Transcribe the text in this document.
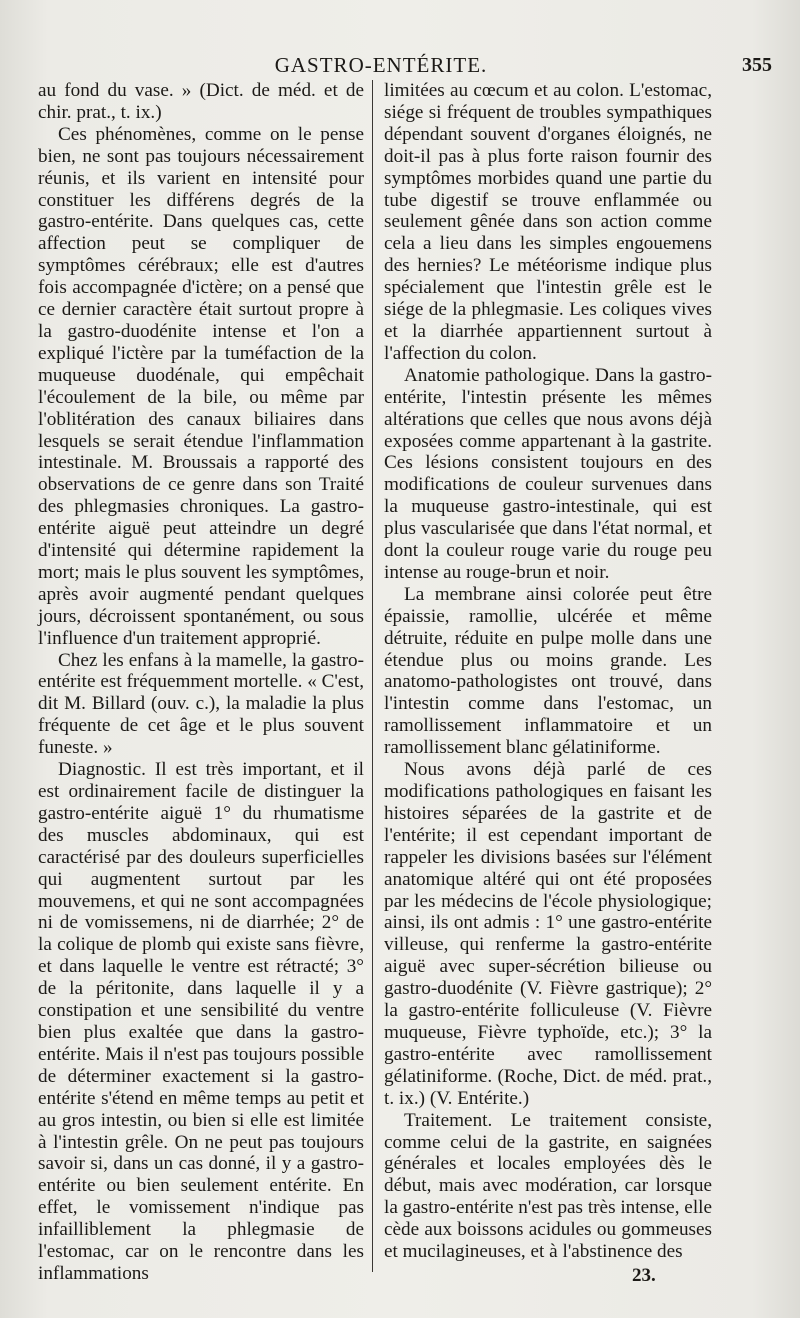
GASTRO-ENTÉRITE.	355

au fond du vase. » (Dict. de méd. et de chir. prat., t. ix.)

Ces phénomènes, comme on le pense bien, ne sont pas toujours nécessairement réunis, et ils varient en intensité pour constituer les différens degrés de la gastro-entérite. Dans quelques cas, cette affection peut se compliquer de symptômes cérébraux; elle est d'autres fois accompagnée d'ictère; on a pensé que ce dernier caractère était surtout propre à la gastro-duodénite intense et l'on a expliqué l'ictère par la tuméfaction de la muqueuse duodénale, qui empêchait l'écoulement de la bile, ou même par l'oblitération des canaux biliaires dans lesquels se serait étendue l'inflammation intestinale. M. Broussais a rapporté des observations de ce genre dans son Traité des phlegmasies chroniques. La gastro-entérite aiguë peut atteindre un degré d'intensité qui détermine rapidement la mort; mais le plus souvent les symptômes, après avoir augmenté pendant quelques jours, décroissent spontanément, ou sous l'influence d'un traitement approprié.

Chez les enfans à la mamelle, la gastro-entérite est fréquemment mortelle. « C'est, dit M. Billard (ouv. c.), la maladie la plus fréquente de cet âge et le plus souvent funeste. »

Diagnostic. Il est très important, et il est ordinairement facile de distinguer la gastro-entérite aiguë 1° du rhumatisme des muscles abdominaux, qui est caractérisé par des douleurs superficielles qui augmentent surtout par les mouvemens, et qui ne sont accompagnées ni de vomissemens, ni de diarrhée; 2° de la colique de plomb qui existe sans fièvre, et dans laquelle le ventre est rétracté; 3° de la péritonite, dans laquelle il y a constipation et une sensibilité du ventre bien plus exaltée que dans la gastro-entérite. Mais il n'est pas toujours possible de déterminer exactement si la gastro-entérite s'étend en même temps au petit et au gros intestin, ou bien si elle est limitée à l'intestin grêle. On ne peut pas toujours savoir si, dans un cas donné, il y a gastro-entérite ou bien seulement entérite. En effet, le vomissement n'indique pas infailliblement la phlegmasie de l'estomac, car on le rencontre dans les inflammations

limitées au cœcum et au colon. L'estomac, siége si fréquent de troubles sympathiques dépendant souvent d'organes éloignés, ne doit-il pas à plus forte raison fournir des symptômes morbides quand une partie du tube digestif se trouve enflammée ou seulement gênée dans son action comme cela a lieu dans les simples engouemens des hernies? Le météorisme indique plus spécialement que l'intestin grêle est le siége de la phlegmasie. Les coliques vives et la diarrhée appartiennent surtout à l'affection du colon.

Anatomie pathologique. Dans la gastro-entérite, l'intestin présente les mêmes altérations que celles que nous avons déjà exposées comme appartenant à la gastrite. Ces lésions consistent toujours en des modifications de couleur survenues dans la muqueuse gastro-intestinale, qui est plus vascularisée que dans l'état normal, et dont la couleur rouge varie du rouge peu intense au rouge-brun et noir.

La membrane ainsi colorée peut être épaissie, ramollie, ulcérée et même détruite, réduite en pulpe molle dans une étendue plus ou moins grande. Les anatomo-pathologistes ont trouvé, dans l'intestin comme dans l'estomac, un ramollissement inflammatoire et un ramollissement blanc gélatiniforme.

Nous avons déjà parlé de ces modifications pathologiques en faisant les histoires séparées de la gastrite et de l'entérite; il est cependant important de rappeler les divisions basées sur l'élément anatomique altéré qui ont été proposées par les médecins de l'école physiologique; ainsi, ils ont admis : 1° une gastro-entérite villeuse, qui renferme la gastro-entérite aiguë avec super-sécrétion bilieuse ou gastro-duodénite (V. Fièvre gastrique); 2° la gastro-entérite folliculeuse (V. Fièvre muqueuse, Fièvre typhoïde, etc.); 3° la gastro-entérite avec ramollissement gélatiniforme. (Roche, Dict. de méd. prat., t. ix.) (V. Entérite.)

Traitement. Le traitement consiste, comme celui de la gastrite, en saignées générales et locales employées dès le début, mais avec modération, car lorsque la gastro-entérite n'est pas très intense, elle cède aux boissons acidules ou gommeuses et mucilagineuses, et à l'abstinence des

23.
